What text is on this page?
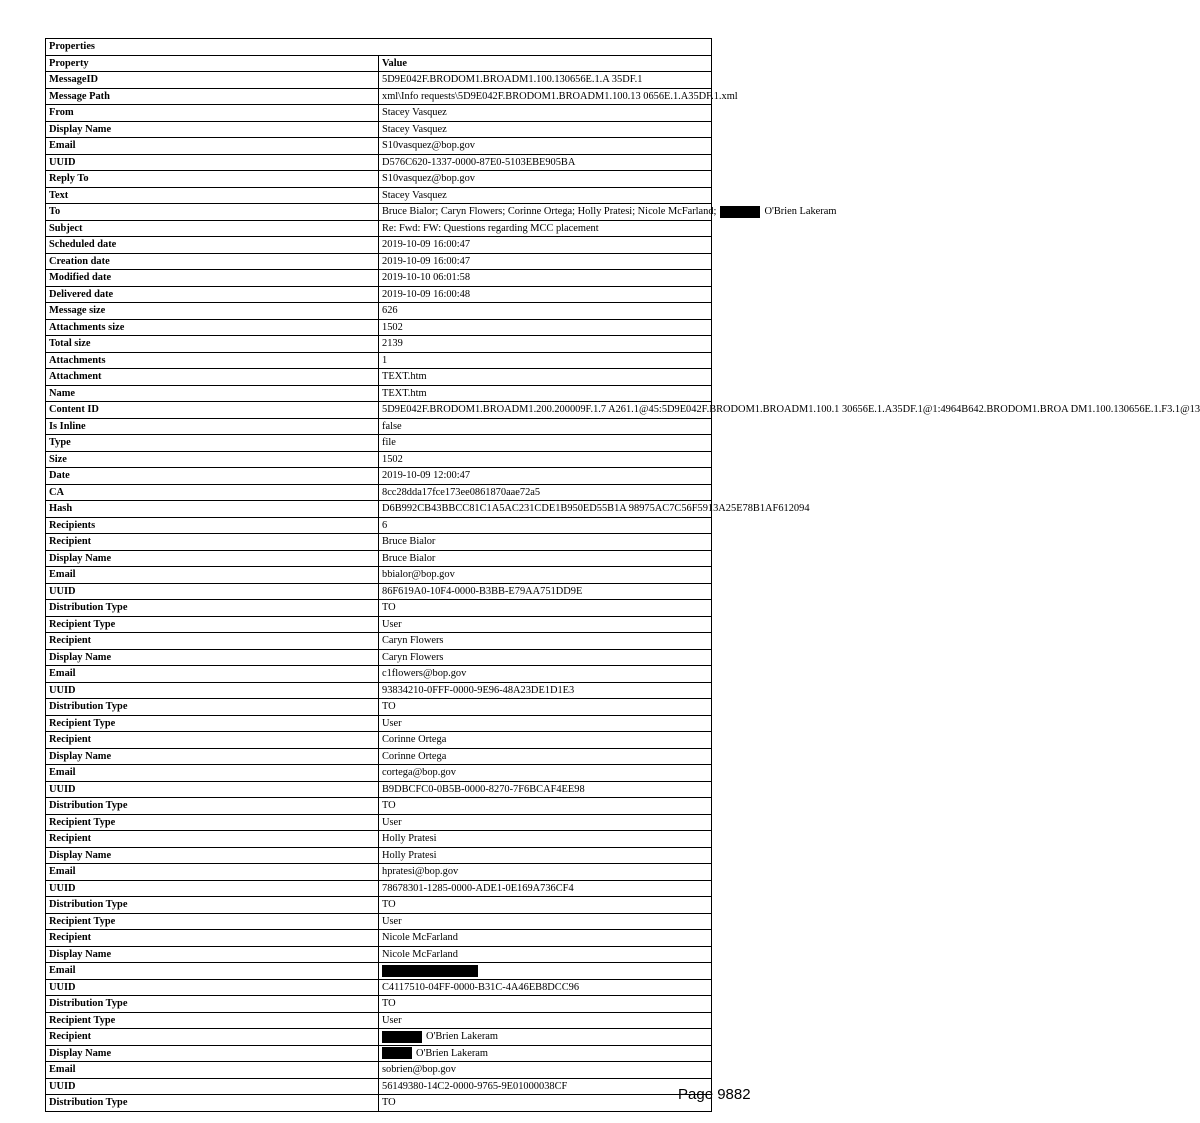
Properties	
Property	Value
MessageID	5D9E042F.BRODOM1.BROADM1.100.130656E.1.A 35DF.1
Message Path	xml\Info requests\5D9E042F.BRODOM1.BROADM1.100.13 0656E.1.A35DF.1.xml
From	Stacey Vasquez
Display Name	Stacey Vasquez
Email	S10vasquez@bop.gov
UUID	D576C620-1337-0000-87E0-5103EBE905BA
Reply To	S10vasquez@bop.gov
Text	Stacey Vasquez
To	Bruce Bialor; Caryn Flowers; Corinne Ortega; Holly Pratesi; Nicole McFarland; O'Brien Lakeram
Subject	Re: Fwd: FW: Questions regarding MCC placement
Scheduled date	2019-10-09 16:00:47
Creation date	2019-10-09 16:00:47
Modified date	2019-10-10 06:01:58
Delivered date	2019-10-09 16:00:48
Message size	626
Attachments size	1502
Total size	2139
Attachments	1
Attachment	TEXT.htm
Name	TEXT.htm
Content ID	5D9E042F.BRODOM1.BROADM1.200.200009F.1.7 A261.1@45:5D9E042F.BRODOM1.BROADM1.100.1 30656E.1.A35DF.1@1:4964B642.BRODOM1.BROA DM1.100.130656E.1.F3.1@13
Is Inline	false
Type	file
Size	1502
Date	2019-10-09 12:00:47
CA	8cc28dda17fce173ee0861870aae72a5
Hash	D6B992CB43BBCC81C1A5AC231CDE1B950ED55B1A 98975AC7C56F5913A25E78B1AF612094
Recipients	6
Recipient	Bruce Bialor
Display Name	Bruce Bialor
Email	bbialor@bop.gov
UUID	86F619A0-10F4-0000-B3BB-E79AA751DD9E
Distribution Type	TO
Recipient Type	User
Recipient	Caryn Flowers
Display Name	Caryn Flowers
Email	c1flowers@bop.gov
UUID	93834210-0FFF-0000-9E96-48A23DE1D1E3
Distribution Type	TO
Recipient Type	User
Recipient	Corinne Ortega
Display Name	Corinne Ortega
Email	cortega@bop.gov
UUID	B9DBCFC0-0B5B-0000-8270-7F6BCAF4EE98
Distribution Type	TO
Recipient Type	User
Recipient	Holly Pratesi
Display Name	Holly Pratesi
Email	hpratesi@bop.gov
UUID	78678301-1285-0000-ADE1-0E169A736CF4
Distribution Type	TO
Recipient Type	User
Recipient	Nicole McFarland
Display Name	Nicole McFarland
Email	
UUID	C4117510-04FF-0000-B31C-4A46EB8DCC96
Distribution Type	TO
Recipient Type	User
Recipient	O'Brien Lakeram
Display Name	O'Brien Lakeram
Email	sobrien@bop.gov
UUID	56149380-14C2-0000-9765-9E01000038CF
Distribution Type	TO	Page 9882
